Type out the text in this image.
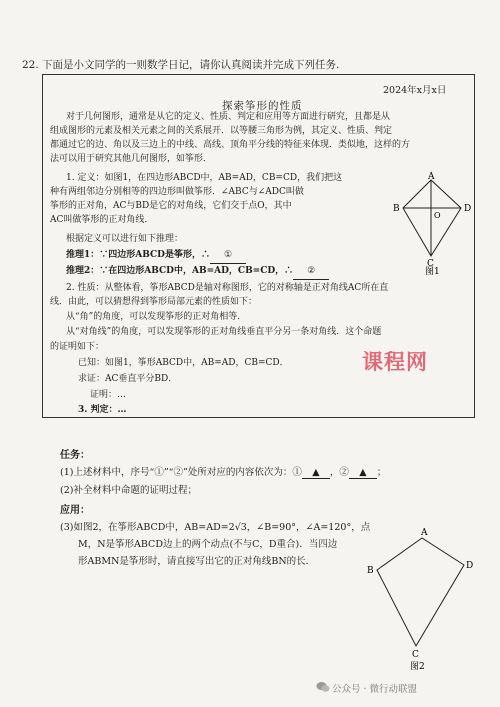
22. 下面是小文同学的一则数学日记，请你认真阅读并完成下列任务.
2024年x月x日
探索筝形的性质
对于几何图形，通常是从它的定义、性质、判定和应用等方面进行研究，且都是从
组成图形的元素及相关元素之间的关系展开．以等腰三角形为例，其定义、性质、判定
都通过它的边、角以及三边上的中线、高线、顶角平分线的特征来体现．类似地，这样的方
法可以用于研究其他几何图形，如筝形．
1. 定义：如图1，在四边形ABCD中，AB=AD，CB=CD，我们把这
种有两组邻边分别相等的四边形叫做筝形．∠ABC与∠ADC叫做
筝形的正对角，AC与BD是它的对角线，它们交于点O，其中
AC叫做筝形的正对角线．
A
B	D
O
C
图1
根据定义可以进行如下推理：
推理1：∵四边形ABCD是筝形，∴ ①
推理2：∵在四边形ABCD中，AB=AD，CB=CD，∴ ②
2. 性质：从整体看，筝形ABCD是轴对称图形，它的对称轴是正对角线AC所在直
线．由此，可以猜想得到筝形局部元素的性质如下：
从“角”的角度，可以发现筝形的正对角相等．
从“对角线”的角度，可以发现筝形的正对角线垂直平分另一条对角线．这个命题
的证明如下：
已知：如图1，筝形ABCD中，AB=AD，CB=CD．
求证：AC垂直平分BD．
证明：…
3. 判定：…
课程网
任务：
(1)上述材料中，序号“①”“②”处所对应的内容依次为：① ▲ ，② ▲ ；
(2)补全材料中命题的证明过程；
应用：
(3)如图2，在筝形ABCD中，AB=AD=2√3，∠B=90°，∠A=120°，点
M，N是筝形ABCD边上的两个动点(不与C，D重合)．当四边
形ABMN是筝形时，请直接写出它的正对角线BN的长．
A
B	D
C
图2
公众号 · 微行动联盟
